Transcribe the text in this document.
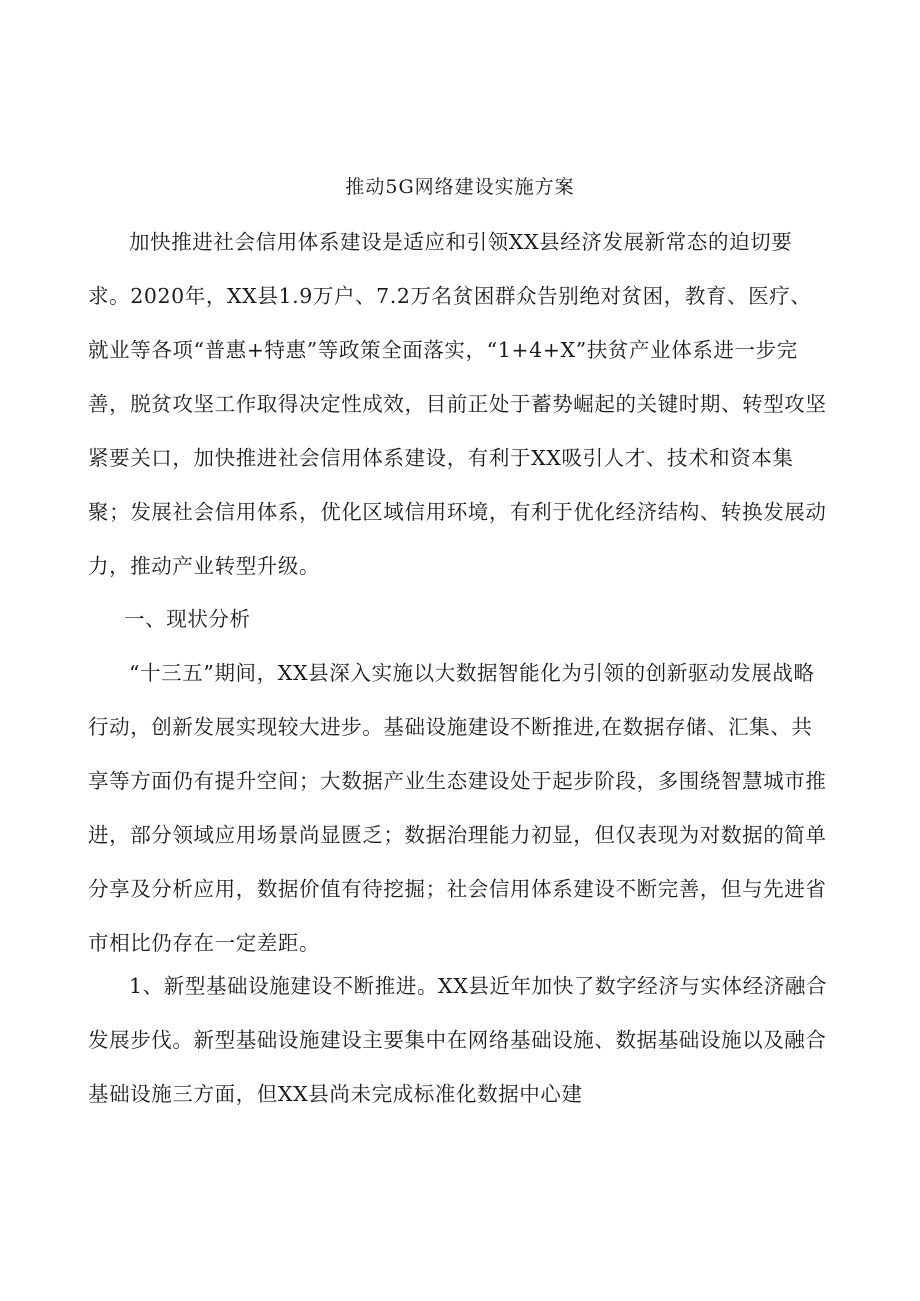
推动5G网络建设实施方案

加快推进社会信用体系建设是适应和引领XX县经济发展新常态的迫切要求。2020年，XX县1.9万户、7.2万名贫困群众告别绝对贫困，教育、医疗、就业等各项“普惠+特惠”等政策全面落实，“1+4+X”扶贫产业体系进一步完善，脱贫攻坚工作取得决定性成效，目前正处于蓄势崛起的关键时期、转型攻坚紧要关口，加快推进社会信用体系建设，有利于XX吸引人才、技术和资本集聚；发展社会信用体系，优化区域信用环境，有利于优化经济结构、转换发展动力，推动产业转型升级。

一、现状分析

“十三五”期间，XX县深入实施以大数据智能化为引领的创新驱动发展战略行动，创新发展实现较大进步。基础设施建设不断推进,在数据存储、汇集、共享等方面仍有提升空间；大数据产业生态建设处于起步阶段，多围绕智慧城市推进，部分领域应用场景尚显匮乏；数据治理能力初显，但仅表现为对数据的简单分享及分析应用，数据价值有待挖掘；社会信用体系建设不断完善，但与先进省市相比仍存在一定差距。

1、新型基础设施建设不断推进。XX县近年加快了数字经济与实体经济融合发展步伐。新型基础设施建设主要集中在网络基础设施、数据基础设施以及融合基础设施三方面，但XX县尚未完成标准化数据中心建
